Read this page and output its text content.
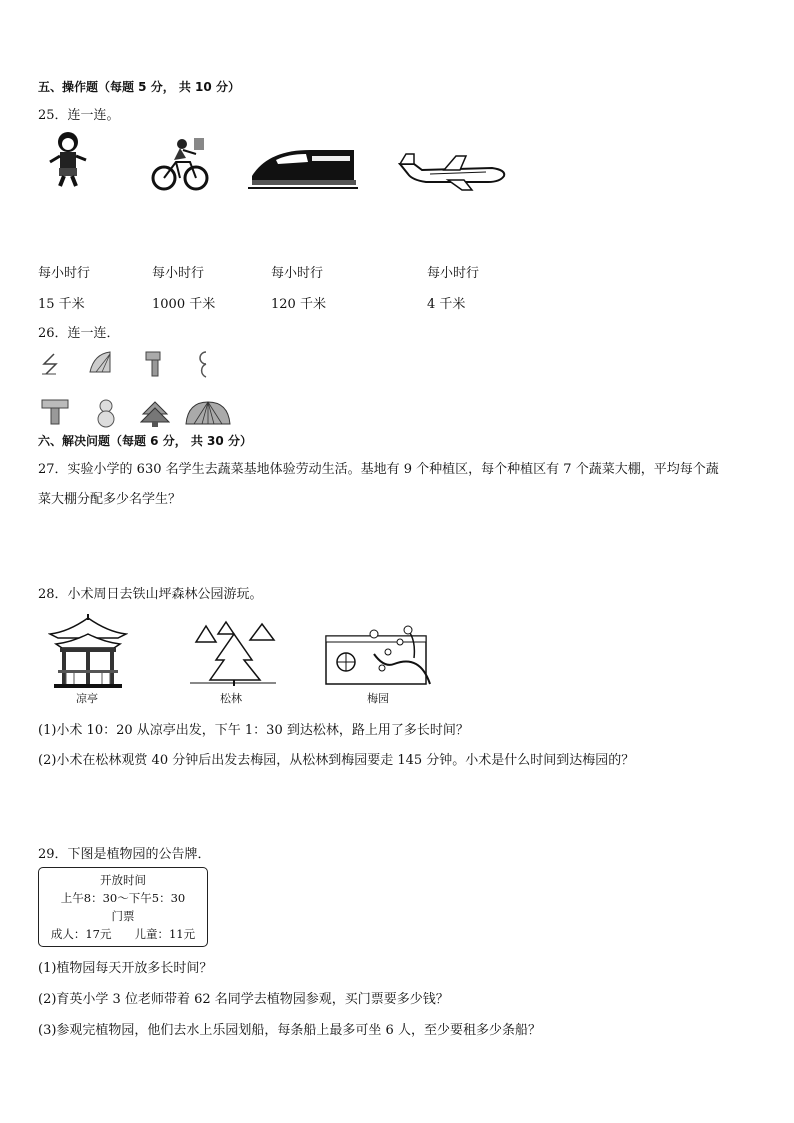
五、操作题（每题 5 分， 共 10 分）
25．连一连。
每小时行	每小时行	每小时行	每小时行
15 千米	1000 千米	120 千米	4 千米
26．连一连．
六、解决问题（每题 6 分， 共 30 分）
27．实验小学的 630 名学生去蔬菜基地体验劳动生活。基地有 9 个种植区，每个种植区有 7 个蔬菜大棚，平均每个蔬
菜大棚分配多少名学生？
28．小术周日去铁山坪森林公园游玩。
凉亭	松林	梅园
(1)小术 10：20 从凉亭出发，下午 1：30 到达松林，路上用了多长时间？
(2)小术在松林观赏 40 分钟后出发去梅园，从松林到梅园要走 145 分钟。小术是什么时间到达梅园的？
29．下图是植物园的公告牌．
开放时间
上午8：30～下午5：30
门票
成人：17元　　儿童：11元
(1)植物园每天开放多长时间？
(2)育英小学 3 位老师带着 62 名同学去植物园参观，买门票要多少钱？
(3)参观完植物园，他们去水上乐园划船，每条船上最多可坐 6 人，至少要租多少条船？
